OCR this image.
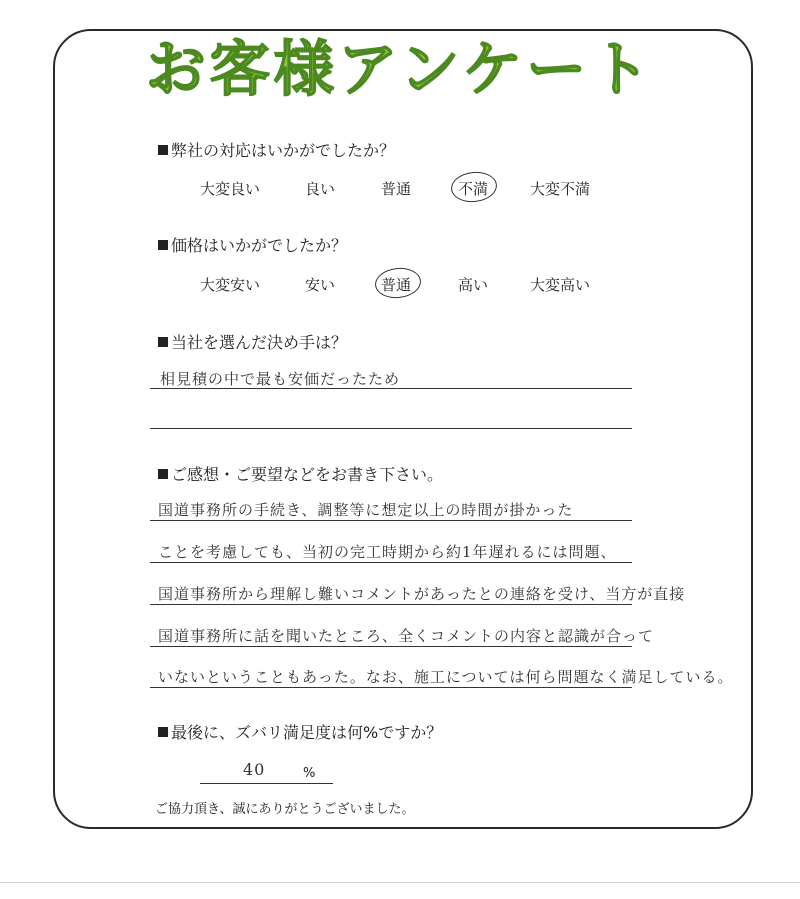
お客様アンケート
弊社の対応はいかがでしたか？
大変良い	良い	普通	不満	大変不満
価格はいかがでしたか？
大変安い	安い	普通	高い	大変高い
当社を選んだ決め手は？
相見積の中で最も安価だったため
ご感想・ご要望などをお書き下さい。
国道事務所の手続き、調整等に想定以上の時間が掛かった
ことを考慮しても、当初の完工時期から約1年遅れるには問題、
国道事務所から理解し難いコメントがあったとの連絡を受け、当方が直接
国道事務所に話を聞いたところ、全くコメントの内容と認識が合って
いないということもあった。なお、施工については何ら問題なく満足している。
最後に、ズバリ満足度は何%ですか？
40	%
ご協力頂き、誠にありがとうございました。
